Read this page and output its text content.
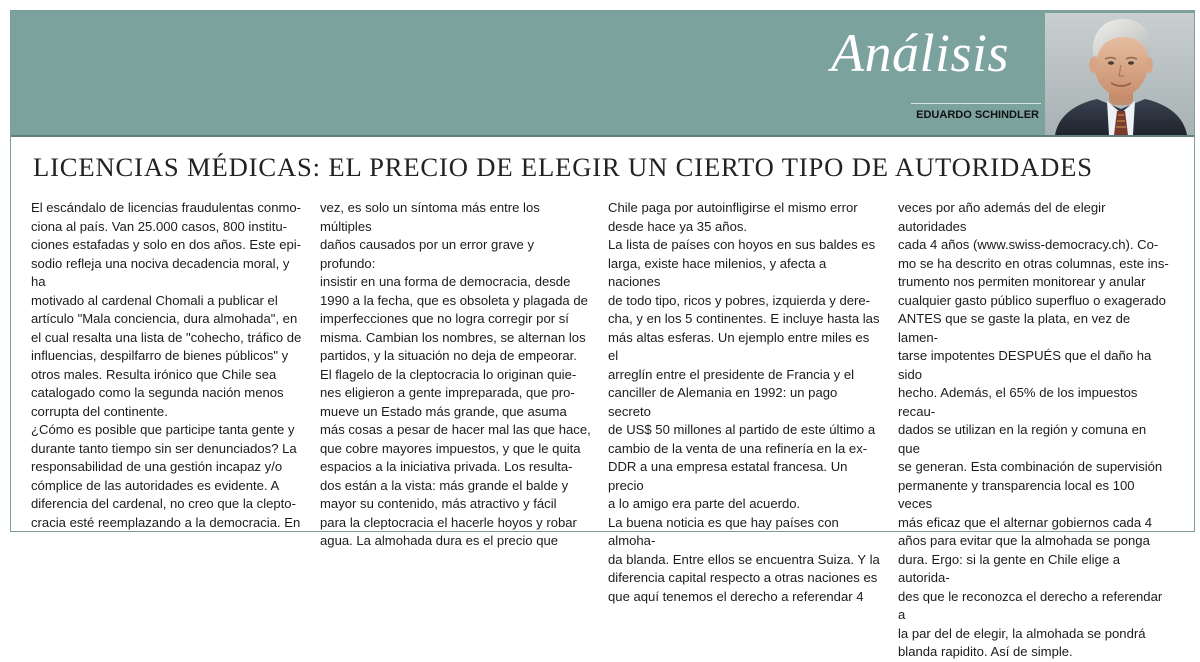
Análisis
EDUARDO SCHINDLER
LICENCIAS MÉDICAS: EL PRECIO DE ELEGIR UN CIERTO TIPO DE AUTORIDADES

El escándalo de licencias fraudulentas conmo-

ciona al país. Van 25.000 casos, 800 institu-

ciones estafadas y solo en dos años. Este epi-

sodio refleja una nociva decadencia moral, y ha

motivado al cardenal Chomali a publicar el

artículo "Mala conciencia, dura almohada", en

el cual resalta una lista de "cohecho, tráfico de

influencias, despilfarro de bienes públicos" y

otros males. Resulta irónico que Chile sea

catalogado como la segunda nación menos

corrupta del continente.

¿Cómo es posible que participe tanta gente y

durante tanto tiempo sin ser denunciados? La

responsabilidad de una gestión incapaz y/o

cómplice de las autoridades es evidente. A

diferencia del cardenal, no creo que la clepto-

cracia esté reemplazando a la democracia. En

vez, es solo un síntoma más entre los múltiples

daños causados por un error grave y profundo:

insistir en una forma de democracia, desde

1990 a la fecha, que es obsoleta y plagada de

imperfecciones que no logra corregir por sí

misma. Cambian los nombres, se alternan los

partidos, y la situación no deja de empeorar.

El flagelo de la cleptocracia lo originan quie-

nes eligieron a gente impreparada, que pro-

mueve un Estado más grande, que asuma

más cosas a pesar de hacer mal las que hace,

que cobre mayores impuestos, y que le quita

espacios a la iniciativa privada. Los resulta-

dos están a la vista: más grande el balde y

mayor su contenido, más atractivo y fácil

para la cleptocracia el hacerle hoyos y robar

agua. La almohada dura es el precio que

Chile paga por autoinfligirse el mismo error

desde hace ya 35 años.

La lista de países con hoyos en sus baldes es

larga, existe hace milenios, y afecta a naciones

de todo tipo, ricos y pobres, izquierda y dere-

cha, y en los 5 continentes. E incluye hasta las

más altas esferas. Un ejemplo entre miles es el

arreglín entre el presidente de Francia y el

canciller de Alemania en 1992: un pago secreto

de US$ 50 millones al partido de este último a

cambio de la venta de una refinería en la ex-

DDR a una empresa estatal francesa. Un precio

a lo amigo era parte del acuerdo.

La buena noticia es que hay países con almoha-

da blanda. Entre ellos se encuentra Suiza. Y la

diferencia capital respecto a otras naciones es

que aquí tenemos el derecho a referendar 4

veces por año además del de elegir autoridades

cada 4 años (www.swiss-democracy.ch). Co-

mo se ha descrito en otras columnas, este ins-

trumento nos permiten monitorear y anular

cualquier gasto público superfluo o exagerado

ANTES que se gaste la plata, en vez de lamen-

tarse impotentes DESPUÉS que el daño ha sido

hecho. Además, el 65% de los impuestos recau-

dados se utilizan en la región y comuna en que

se generan. Esta combinación de supervisión

permanente y transparencia local es 100 veces

más eficaz que el alternar gobiernos cada 4

años para evitar que la almohada se ponga

dura. Ergo: si la gente en Chile elige a autorida-

des que le reconozca el derecho a referendar a

la par del de elegir, la almohada se pondrá

blanda rapidito. Así de simple.
